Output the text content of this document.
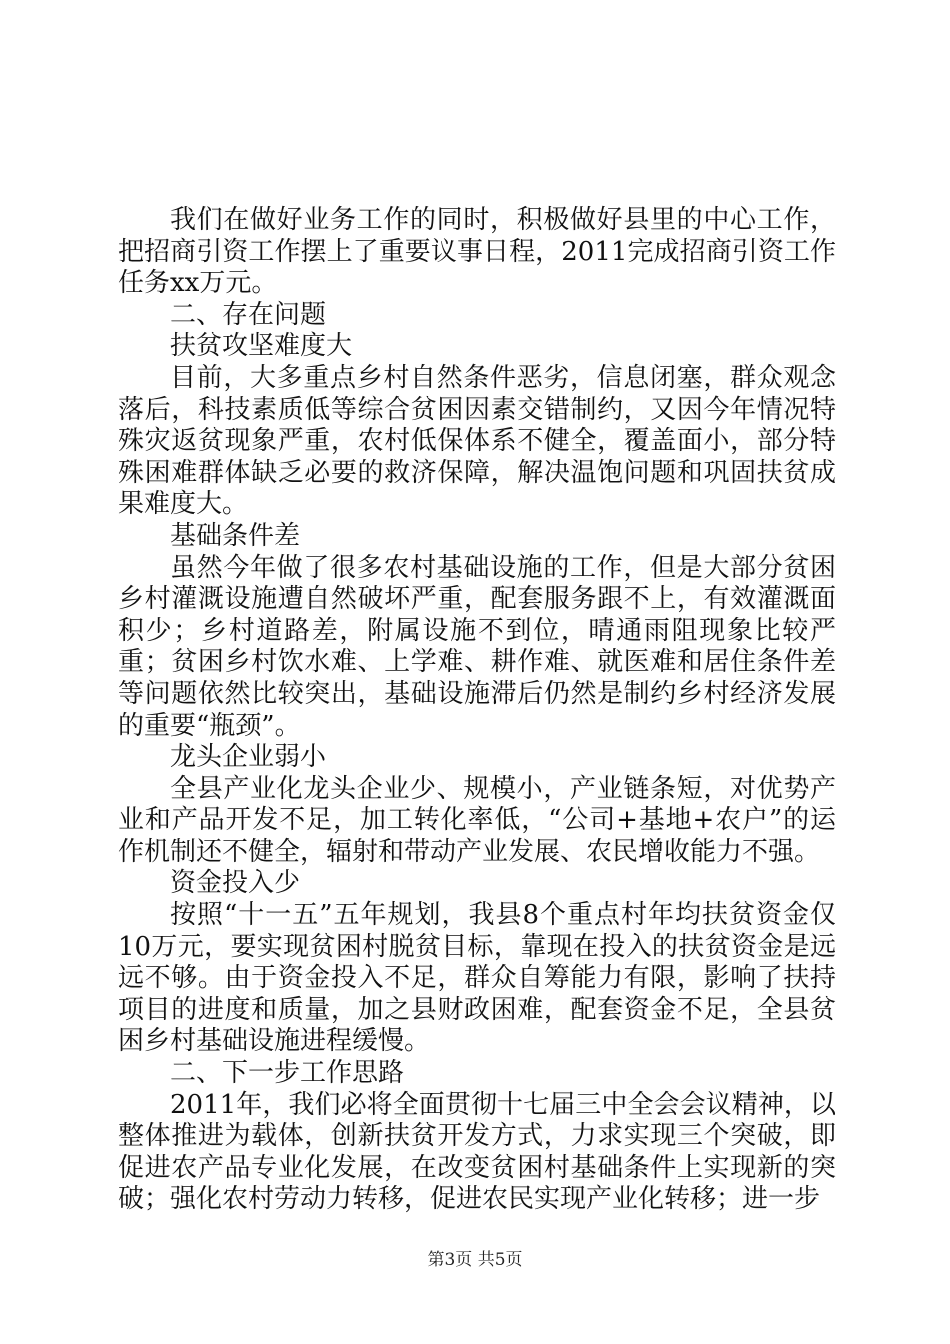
我们在做好业务工作的同时，积极做好县里的中心工作，把招商引资工作摆上了重要议事日程，2011完成招商引资工作任务xx万元。

二、存在问题

扶贫攻坚难度大

目前，大多重点乡村自然条件恶劣，信息闭塞，群众观念落后，科技素质低等综合贫困因素交错制约，又因今年情况特殊灾返贫现象严重，农村低保体系不健全，覆盖面小，部分特殊困难群体缺乏必要的救济保障，解决温饱问题和巩固扶贫成果难度大。

基础条件差

虽然今年做了很多农村基础设施的工作，但是大部分贫困乡村灌溉设施遭自然破坏严重，配套服务跟不上，有效灌溉面积少；乡村道路差，附属设施不到位，晴通雨阻现象比较严重；贫困乡村饮水难、上学难、耕作难、就医难和居住条件差等问题依然比较突出，基础设施滞后仍然是制约乡村经济发展的重要“瓶颈”。

龙头企业弱小

全县产业化龙头企业少、规模小，产业链条短，对优势产业和产品开发不足，加工转化率低，“公司+基地+农户”的运作机制还不健全，辐射和带动产业发展、农民增收能力不强。

资金投入少

按照“十一五”五年规划，我县8个重点村年均扶贫资金仅10万元，要实现贫困村脱贫目标，靠现在投入的扶贫资金是远远不够。由于资金投入不足，群众自筹能力有限，影响了扶持项目的进度和质量，加之县财政困难，配套资金不足，全县贫困乡村基础设施进程缓慢。

二、下一步工作思路

2011年，我们必将全面贯彻十七届三中全会会议精神，以整体推进为载体，创新扶贫开发方式，力求实现三个突破，即促进农产品专业化发展，在改变贫困村基础条件上实现新的突破；强化农村劳动力转移，促进农民实现产业化转移；进一步

第3页 共5页
